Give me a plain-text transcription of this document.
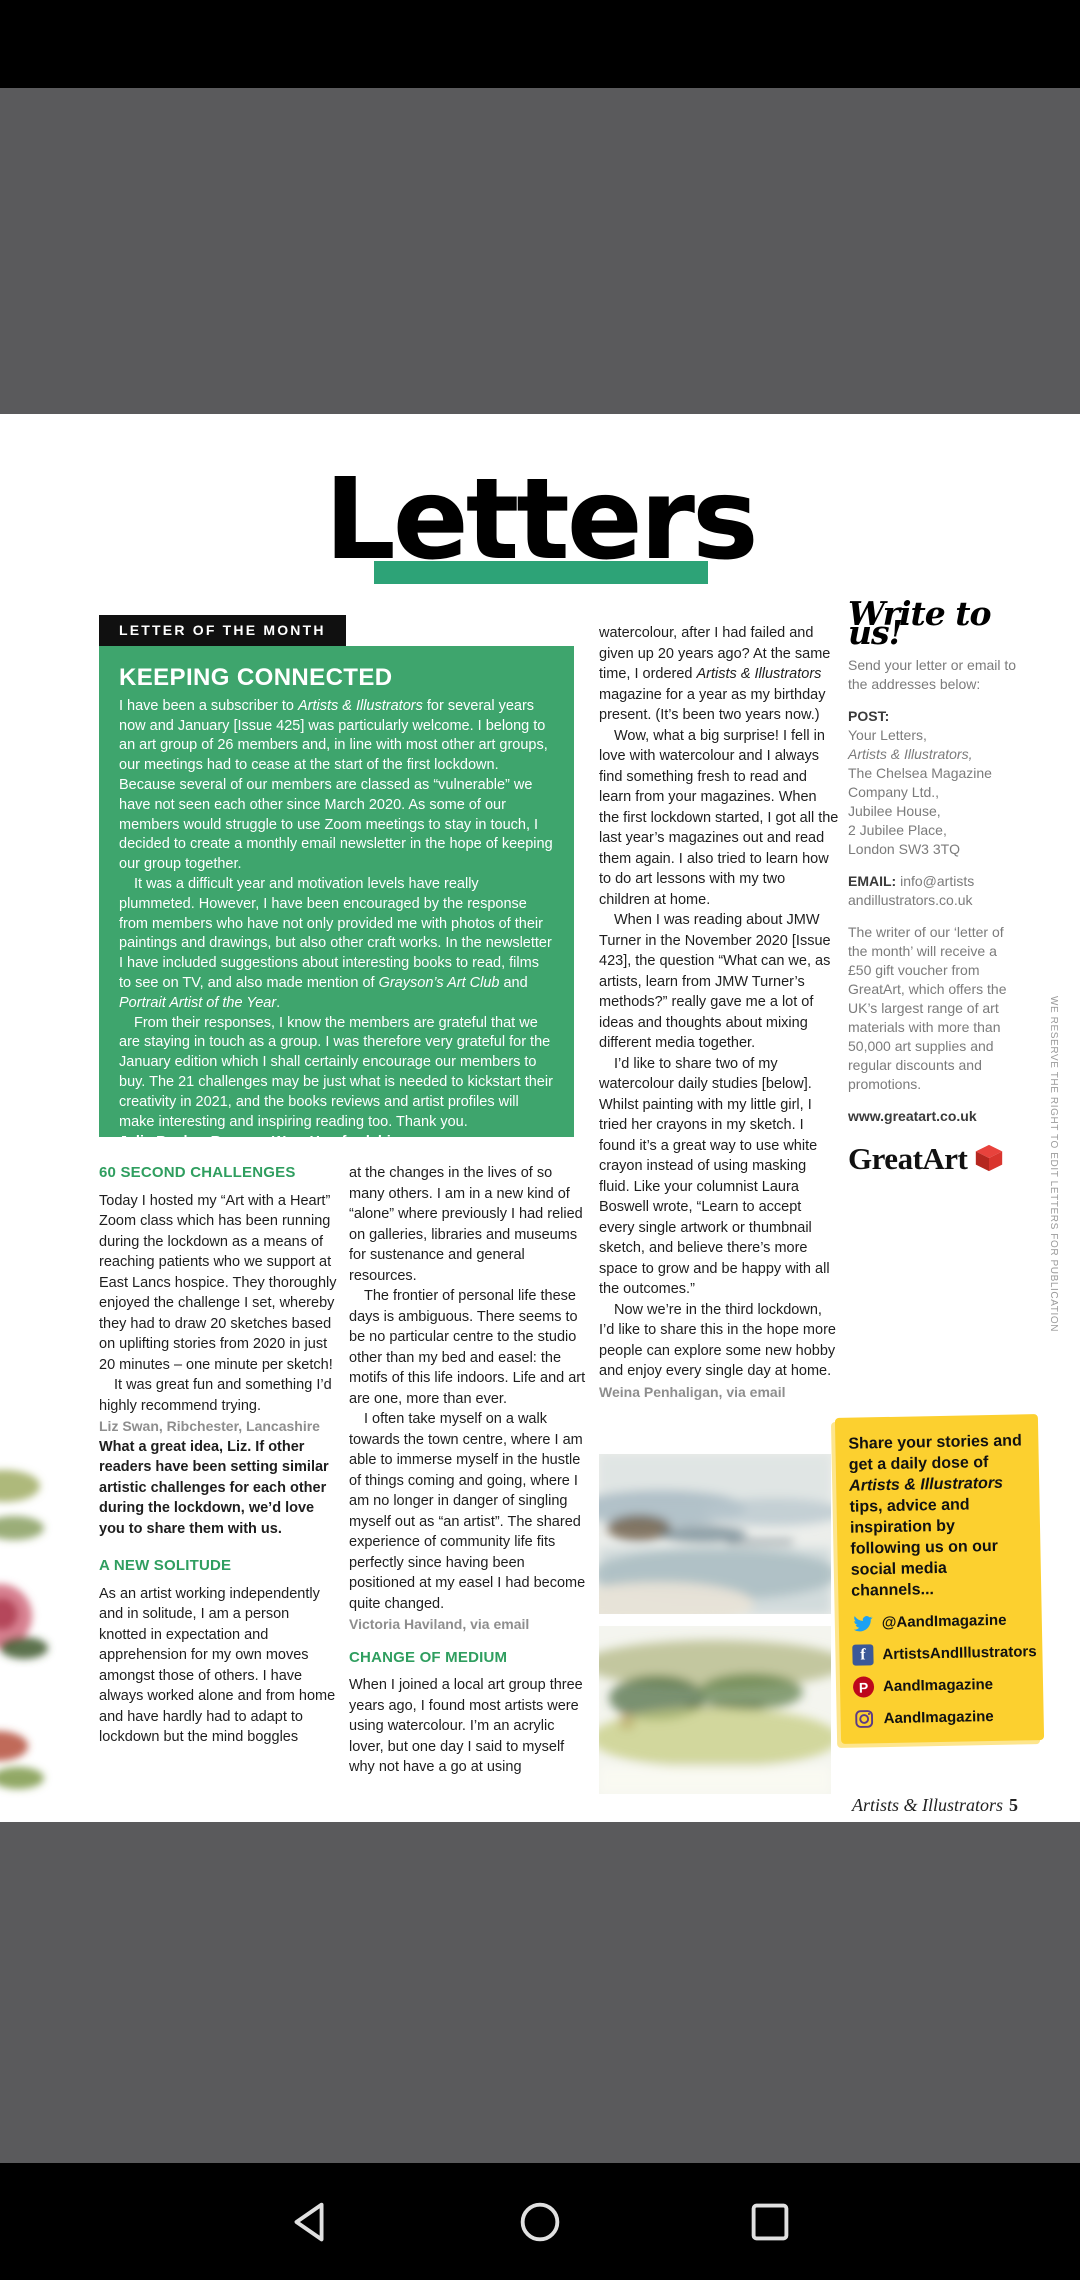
Letters
LETTER OF THE MONTH
KEEPING CONNECTED

I have been a subscriber to Artists & Illustrators for several years now and January [Issue 425] was particularly welcome. I belong to an art group of 26 members and, in line with most other art groups, our meetings had to cease at the start of the first lockdown. Because several of our members are classed as “vulnerable” we have not seen each other since March 2020. As some of our members would struggle to use Zoom meetings to stay in touch, I decided to create a monthly email newsletter in the hope of keeping our group together.

It was a difficult year and motivation levels have really plummeted. However, I have been encouraged by the response from members who have not only provided me with photos of their paintings and drawings, but also other craft works. In the newsletter I have included suggestions about interesting books to read, films to see on TV, and also made mention of Grayson’s Art Club and Portrait Artist of the Year.

From their responses, I know the members are grateful that we are staying in touch as a group. I was therefore very grateful for the January edition which I shall certainly encourage our members to buy. The 21 challenges may be just what is needed to kickstart their creativity in 2021, and the books reviews and artist profiles will make interesting and inspiring reading too. Thank you.

Julie Bosley, Ross on Wye, Herefordshire

60 SECOND CHALLENGES

Today I hosted my “Art with a Heart” Zoom class which has been running during the lockdown as a means of reaching patients who we support at East Lancs hospice. They thoroughly enjoyed the challenge I set, whereby they had to draw 20 sketches based on uplifting stories from 2020 in just 20 minutes – one minute per sketch!

It was great fun and something I’d highly recommend trying.

Liz Swan, Ribchester, Lancashire

What a great idea, Liz. If other readers have been setting similar artistic challenges for each other during the lockdown, we’d love you to share them with us.

A NEW SOLITUDE

As an artist working independently and in solitude, I am a person knotted in expectation and apprehension for my own moves amongst those of others. I have always worked alone and from home and have hardly had to adapt to lockdown but the mind boggles

at the changes in the lives of so many others. I am in a new kind of “alone” where previously I had relied on galleries, libraries and museums for sustenance and general resources.

The frontier of personal life these days is ambiguous. There seems to be no particular centre to the studio other than my bed and easel: the motifs of this life indoors. Life and art are one, more than ever.

I often take myself on a walk towards the town centre, where I am able to immerse myself in the hustle of things coming and going, where I am no longer in danger of singling myself out as “an artist”. The shared experience of community life fits perfectly since having been positioned at my easel I had become quite changed.

Victoria Haviland, via email

CHANGE OF MEDIUM

When I joined a local art group three years ago, I found most artists were using watercolour. I’m an acrylic lover, but one day I said to myself why not have a go at using

watercolour, after I had failed and given up 20 years ago? At the same time, I ordered Artists & Illustrators magazine for a year as my birthday present. (It’s been two years now.)

Wow, what a big surprise! I fell in love with watercolour and I always find something fresh to read and learn from your magazines. When the first lockdown started, I got all the last year’s magazines out and read them again. I also tried to learn how to do art lessons with my two children at home.

When I was reading about JMW Turner in the November 2020 [Issue 423], the question “What can we, as artists, learn from JMW Turner’s methods?” really gave me a lot of ideas and thoughts about mixing different media together.

I’d like to share two of my watercolour daily studies [below]. Whilst painting with my little girl, I tried her crayons in my sketch. I found it’s a great way to use white crayon instead of using masking fluid. Like your columnist Laura Boswell wrote, “Learn to accept every single artwork or thumbnail sketch, and believe there’s more space to grow and be happy with all the outcomes.”

Now we’re in the third lockdown, I’d like to share this in the hope more people can explore some new hobby and enjoy every single day at home.

Weina Penhaligan, via email

Write to us!
Send your letter or email to the addresses below:
POST:
Your Letters,
Artists & Illustrators,
The Chelsea Magazine
Company Ltd.,
Jubilee House,
2 Jubilee Place,
London SW3 3TQ
EMAIL: info@artists andillustrators.co.uk
The writer of our ‘letter of the month’ will receive a £50 gift voucher from GreatArt, which offers the UK’s largest range of art materials with more than 50,000 art supplies and regular discounts and promotions.
www.greatart.co.uk
GreatArt	WE RESERVE THE RIGHT TO EDIT LETTERS FOR PUBLICATION
Share your stories and get a daily dose of Artists & Illustrators tips, advice and inspiration by following us on our social media channels...
@AandImagazine
f	ArtistsAndIllustrators
P AandImagazine
AandImagazine
Artists & Illustrators 5
